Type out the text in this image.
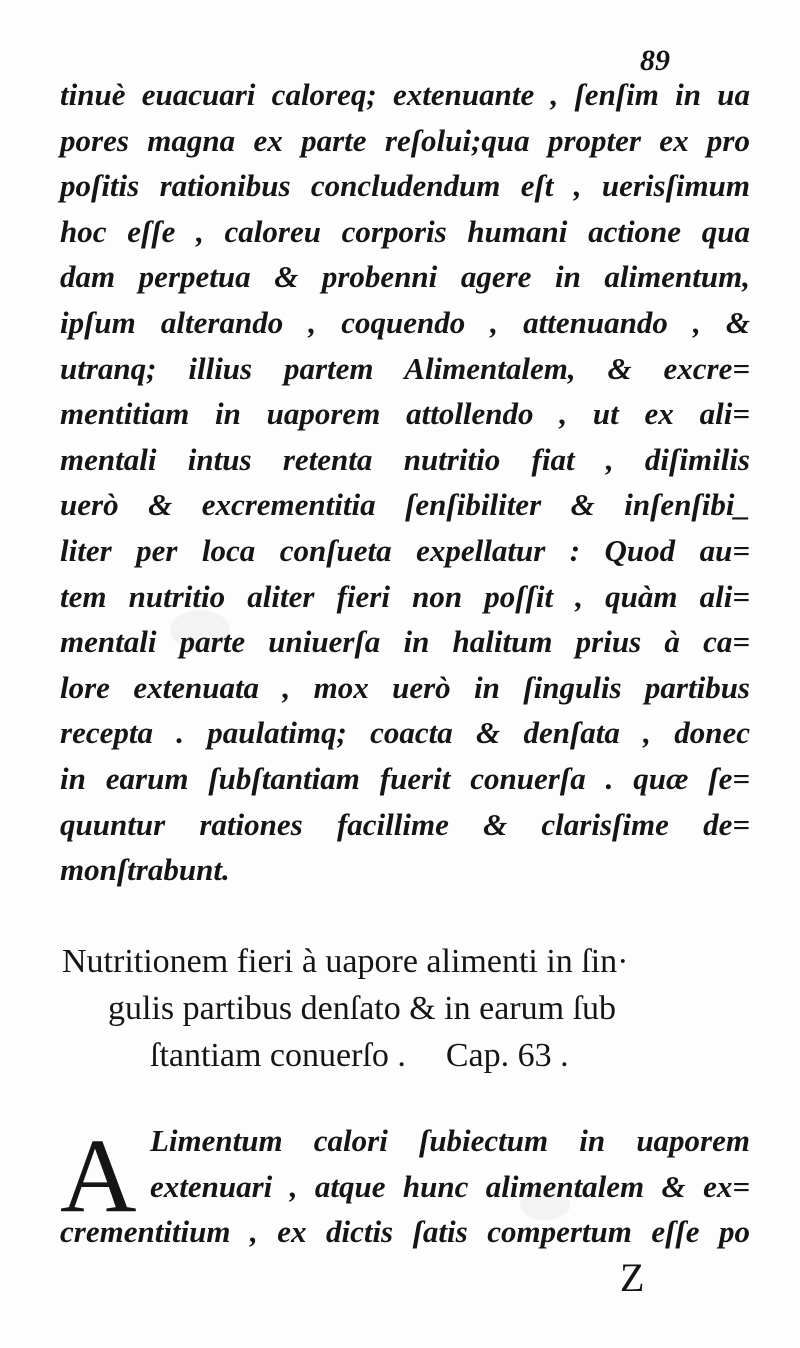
89
tinuè euacuari caloreq; extenuante , ſenſim in ua
pores magna ex parte reſolui;qua propter ex pro
poſitis rationibus concludendum eſt , uerisſimum
hoc eſſe , caloreu corporis humani actione qua
dam perpetua & probenni agere in alimentum,
ipſum alterando , coquendo , attenuando , &
utranq; illius partem Alimentalem, & excre=
mentitiam in uaporem attollendo , ut ex ali=
mentali intus retenta nutritio fiat , diſimilis
uerò & excrementitia ſenſibiliter & inſenſibi_
liter per loca conſueta expellatur : Quod au=
tem nutritio aliter fieri non poſſit , quàm ali=
mentali parte uniuerſa in halitum prius à ca=
lore extenuata , mox uerò in ſingulis partibus
recepta . paulatimq; coacta & denſata , donec
in earum ſubſtantiam fuerit conuerſa . quæ ſe=
quuntur rationes facillime & clarisſime de=
monſtrabunt.
Nutritionem fieri à uapore alimenti in ſin·
gulis partibus denſato & in earum ſub
ſtantiam conuerſo . Cap. 63 .
A Limentum calori ſubiectum in uaporem
extenuari , atque hunc alimentalem & ex=
crementitium , ex dictis ſatis compertum eſſe po
Z
